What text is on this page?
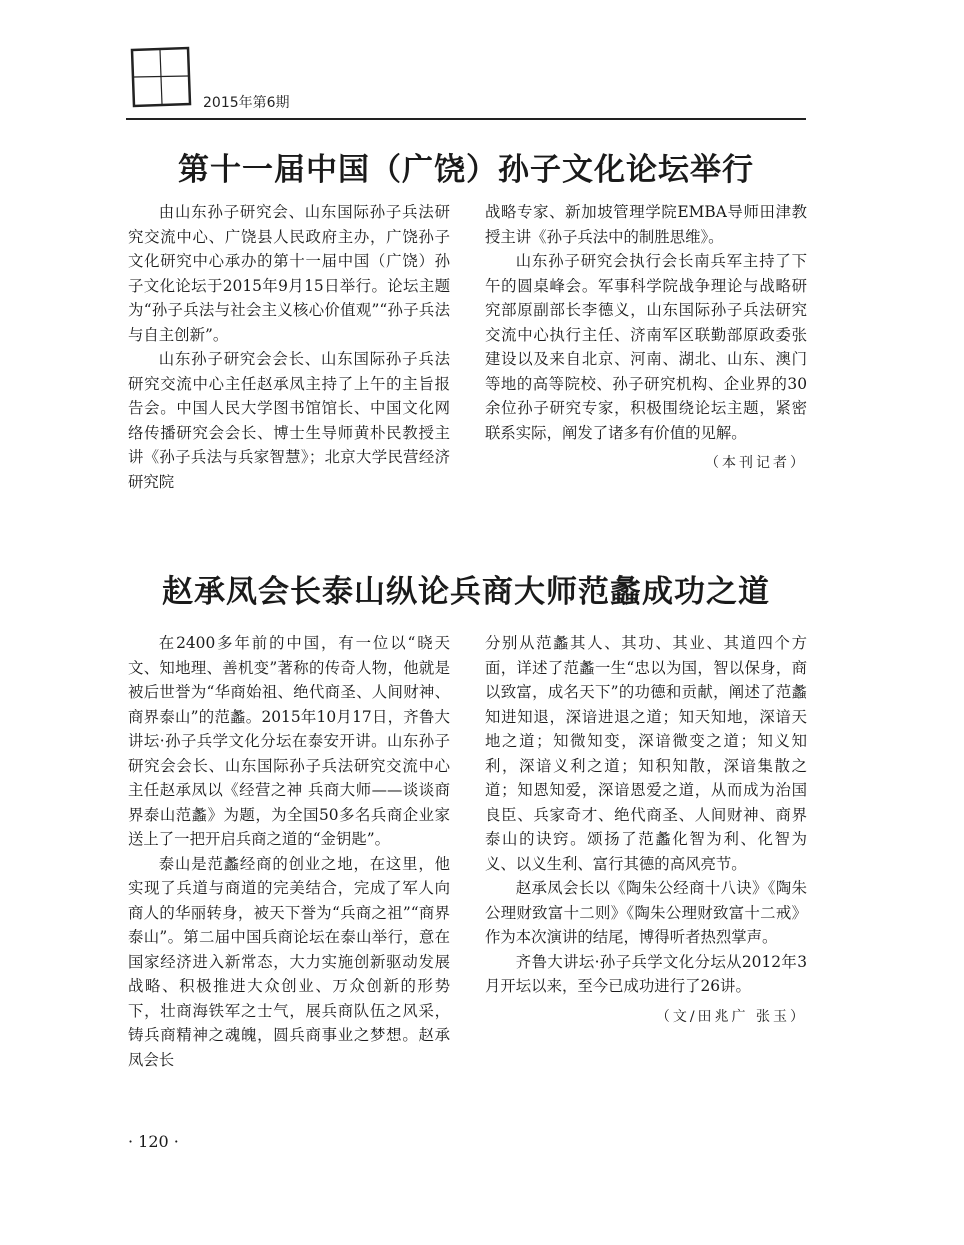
2015年第6期
第十一届中国（广饶）孙子文化论坛举行

由山东孙子研究会、山东国际孙子兵法研究交流中心、广饶县人民政府主办，广饶孙子文化研究中心承办的第十一届中国（广饶）孙子文化论坛于2015年9月15日举行。论坛主题为“孙子兵法与社会主义核心价值观”“孙子兵法与自主创新”。

山东孙子研究会会长、山东国际孙子兵法研究交流中心主任赵承凤主持了上午的主旨报告会。中国人民大学图书馆馆长、中国文化网络传播研究会会长、博士生导师黄朴民教授主讲《孙子兵法与兵家智慧》；北京大学民营经济研究院

战略专家、新加坡管理学院EMBA导师田津教授主讲《孙子兵法中的制胜思维》。

山东孙子研究会执行会长南兵军主持了下午的圆桌峰会。军事科学院战争理论与战略研究部原副部长李德义，山东国际孙子兵法研究交流中心执行主任、济南军区联勤部原政委张建设以及来自北京、河南、湖北、山东、澳门等地的高等院校、孙子研究机构、企业界的30余位孙子研究专家，积极围绕论坛主题，紧密联系实际，阐发了诸多有价值的见解。

（本刊记者）

赵承凤会长泰山纵论兵商大师范蠡成功之道

在2400多年前的中国，有一位以“晓天文、知地理、善机变”著称的传奇人物，他就是被后世誉为“华商始祖、绝代商圣、人间财神、商界泰山”的范蠡。2015年10月17日，齐鲁大讲坛·孙子兵学文化分坛在泰安开讲。山东孙子研究会会长、山东国际孙子兵法研究交流中心主任赵承凤以《经营之神 兵商大师——谈谈商界泰山范蠡》为题，为全国50多名兵商企业家送上了一把开启兵商之道的“金钥匙”。

泰山是范蠡经商的创业之地，在这里，他实现了兵道与商道的完美结合，完成了军人向商人的华丽转身，被天下誉为“兵商之祖”“商界泰山”。第二届中国兵商论坛在泰山举行，意在国家经济进入新常态，大力实施创新驱动发展战略、积极推进大众创业、万众创新的形势下，壮商海铁军之士气，展兵商队伍之风采，铸兵商精神之魂魄，圆兵商事业之梦想。赵承凤会长

分别从范蠡其人、其功、其业、其道四个方面，详述了范蠡一生“忠以为国，智以保身，商以致富，成名天下”的功德和贡献，阐述了范蠡知进知退，深谙进退之道；知天知地，深谙天地之道；知微知变，深谙微变之道；知义知利，深谙义利之道；知积知散，深谙集散之道；知恩知爱，深谙恩爱之道，从而成为治国良臣、兵家奇才、绝代商圣、人间财神、商界泰山的诀窍。颂扬了范蠡化智为利、化智为义、以义生利、富行其德的高风亮节。

赵承凤会长以《陶朱公经商十八诀》《陶朱公理财致富十二则》《陶朱公理财致富十二戒》作为本次演讲的结尾，博得听者热烈掌声。

齐鲁大讲坛·孙子兵学文化分坛从2012年3月开坛以来，至今已成功进行了26讲。

（文/田兆广 张玉）

· 120 ·
